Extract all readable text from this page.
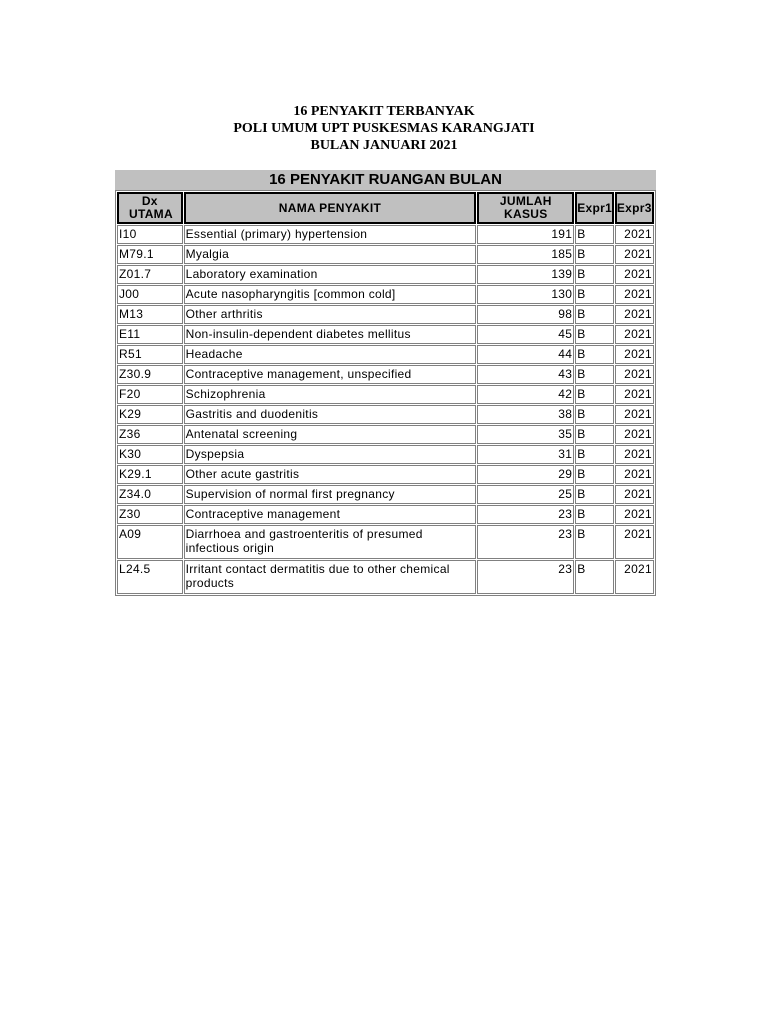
16 PENYAKIT TERBANYAK
POLI UMUM UPT PUSKESMAS KARANGJATI
BULAN JANUARI 2021
16 PENYAKIT RUANGAN BULAN
Dx UTAMA	NAMA PENYAKIT	JUMLAH KASUS	Expr1	Expr3
I10	Essential (primary) hypertension	191	B	2021
M79.1	Myalgia	185	B	2021
Z01.7	Laboratory examination	139	B	2021
J00	Acute nasopharyngitis [common cold]	130	B	2021
M13	Other arthritis	98	B	2021
E11	Non-insulin-dependent diabetes mellitus	45	B	2021
R51	Headache	44	B	2021
Z30.9	Contraceptive management, unspecified	43	B	2021
F20	Schizophrenia	42	B	2021
K29	Gastritis and duodenitis	38	B	2021
Z36	Antenatal screening	35	B	2021
K30	Dyspepsia	31	B	2021
K29.1	Other acute gastritis	29	B	2021
Z34.0	Supervision of normal first pregnancy	25	B	2021
Z30	Contraceptive management	23	B	2021
A09	Diarrhoea and gastroenteritis of presumed infectious origin	23	B	2021
L24.5	Irritant contact dermatitis due to other chemical products	23	B	2021
